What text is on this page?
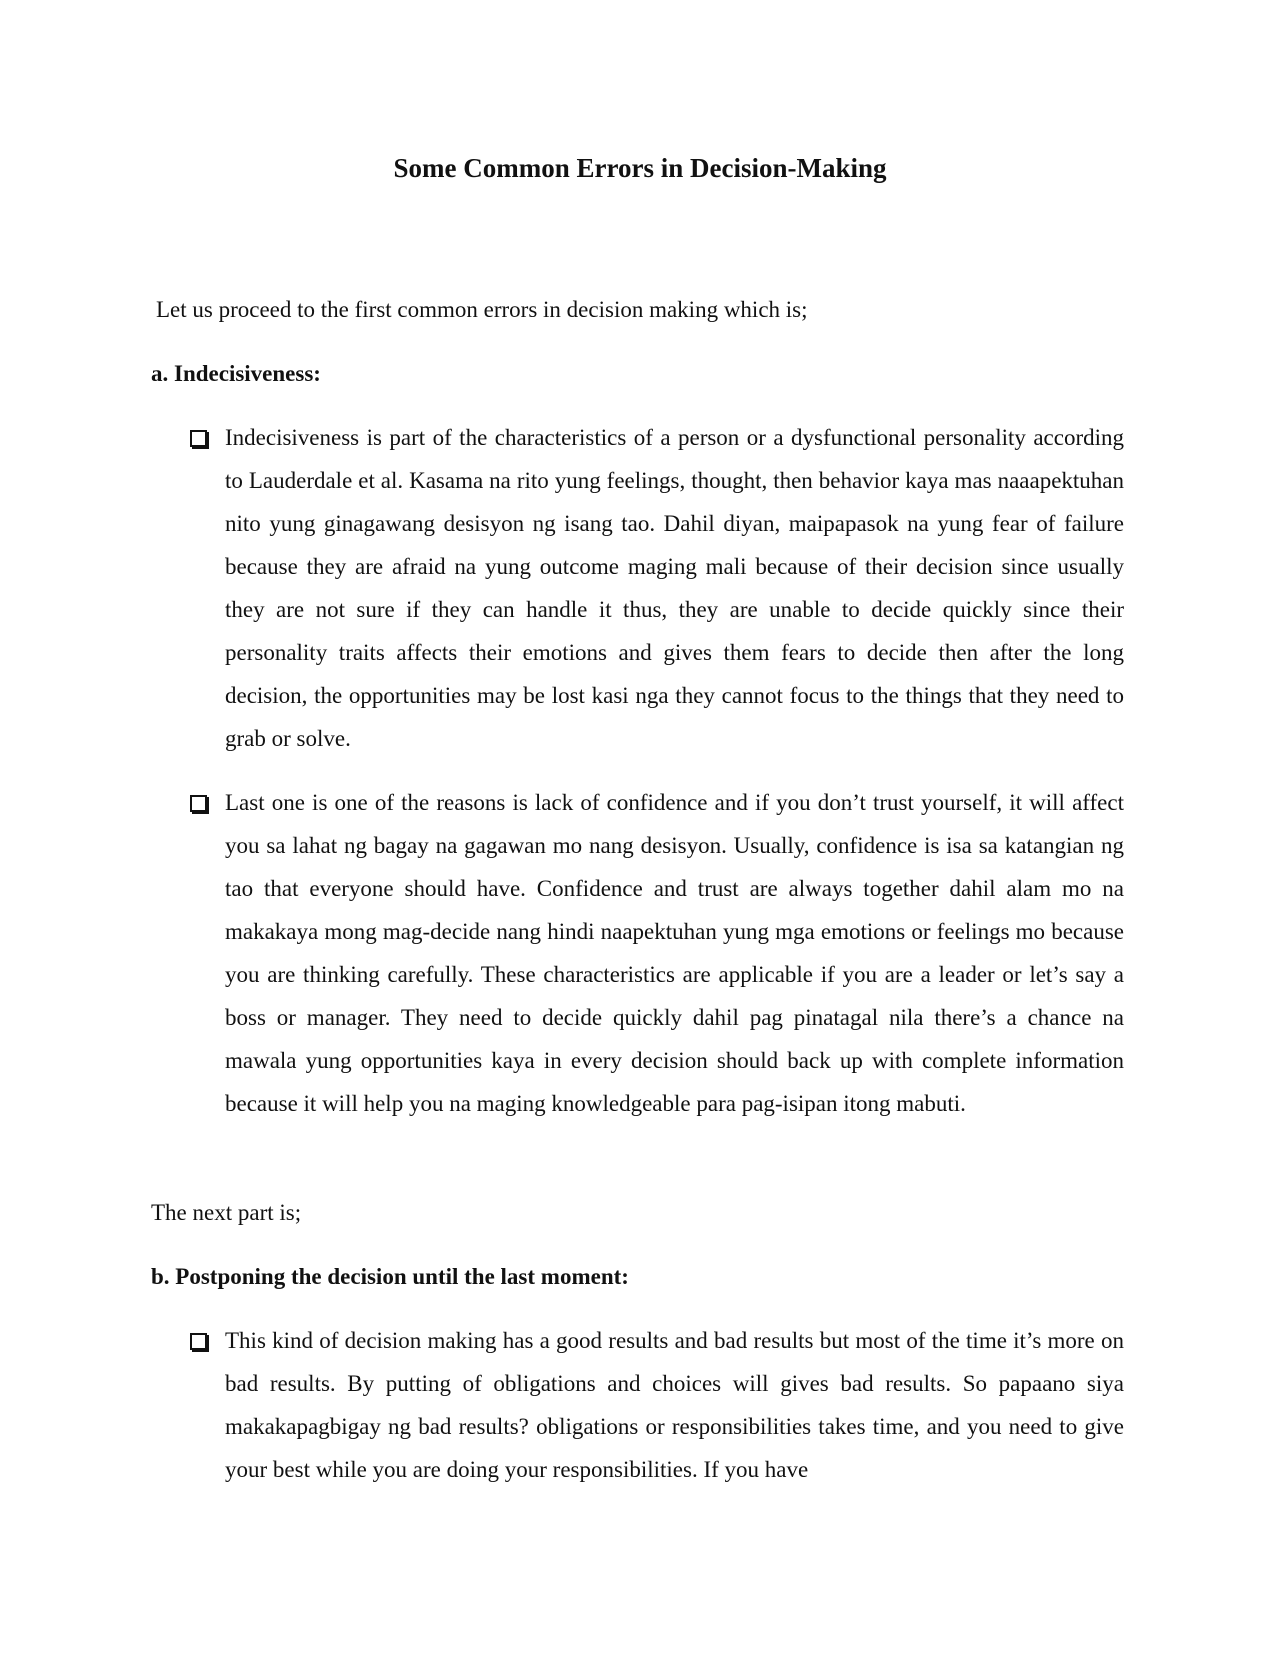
Some Common Errors in Decision-Making

Let us proceed to the first common errors in decision making which is;

a. Indecisiveness:

Indecisiveness is part of the characteristics of a person or a dysfunctional personality according to Lauderdale et al. Kasama na rito yung feelings, thought, then behavior kaya mas naaapektuhan nito yung ginagawang desisyon ng isang tao. Dahil diyan, maipapasok na yung fear of failure because they are afraid na yung outcome maging mali because of their decision since usually they are not sure if they can handle it thus, they are unable to decide quickly since their personality traits affects their emotions and gives them fears to decide then after the long decision, the opportunities may be lost kasi nga they cannot focus to the things that they need to grab or solve.

Last one is one of the reasons is lack of confidence and if you don’t trust yourself, it will affect you sa lahat ng bagay na gagawan mo nang desisyon. Usually, confidence is isa sa katangian ng tao that everyone should have. Confidence and trust are always together dahil alam mo na makakaya mong mag-decide nang hindi naapektuhan yung mga emotions or feelings mo because you are thinking carefully. These characteristics are applicable if you are a leader or let’s say a boss or manager. They need to decide quickly dahil pag pinatagal nila there’s a chance na mawala yung opportunities kaya in every decision should back up with complete information because it will help you na maging knowledgeable para pag-isipan itong mabuti.

The next part is;

b. Postponing the decision until the last moment:

This kind of decision making has a good results and bad results but most of the time it’s more on bad results. By putting of obligations and choices will gives bad results. So papaano siya makakapagbigay ng bad results? obligations or responsibilities takes time, and you need to give your best while you are doing your responsibilities. If you have
